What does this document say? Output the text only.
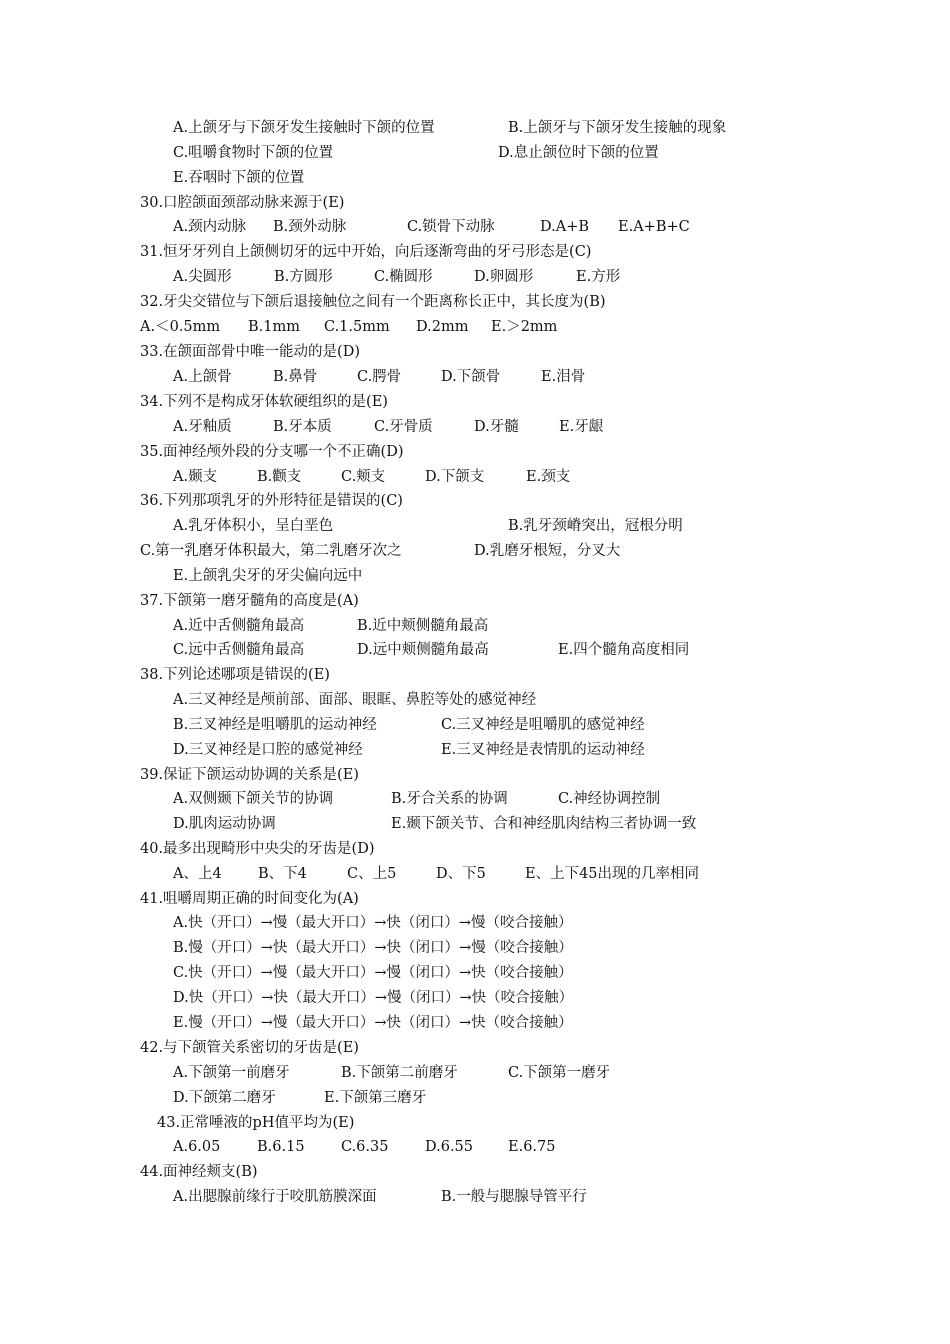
A.上颌牙与下颌牙发生接触时下颌的位置	B.上颌牙与下颌牙发生接触的现象
C.咀嚼食物时下颌的位置	D.息止颌位时下颌的位置
E.吞咽时下颌的位置
30.口腔颌面颈部动脉来源于(E)
A.颈内动脉 B.颈外动脉	C.锁骨下动脉	D.A+B E.A+B+C
31.恒牙牙列自上颌侧切牙的远中开始，向后逐渐弯曲的牙弓形态是(C)
A.尖圆形	B.方圆形	C.椭圆形	D.卵圆形	E.方形
32.牙尖交错位与下颌后退接触位之间有一个距离称长正中，其长度为(B)
A.＜0.5mm B.1mm C.1.5mm D.2mm E.＞2mm
33.在颌面部骨中唯一能动的是(D)
A.上颌骨	B.鼻骨	C.腭骨	D.下颌骨	E.泪骨
34.下列不是构成牙体软硬组织的是(E)
A.牙釉质	B.牙本质	C.牙骨质	D.牙髓	E.牙龈
35.面神经颅外段的分支哪一个不正确(D)
A.颞支	B.颧支	C.颊支	D.下颌支	E.颈支
36.下列那项乳牙的外形特征是错误的(C)
A.乳牙体积小，呈白垩色	B.乳牙颈嵴突出，冠根分明
C.第一乳磨牙体积最大，第二乳磨牙次之	D.乳磨牙根短，分叉大
E.上颌乳尖牙的牙尖偏向远中
37.下颌第一磨牙髓角的高度是(A)
A.近中舌侧髓角最高	B.近中颊侧髓角最高
C.远中舌侧髓角最高	D.远中颊侧髓角最高	E.四个髓角高度相同
38.下列论述哪项是错误的(E)
A.三叉神经是颅前部、面部、眼眶、鼻腔等处的感觉神经
B.三叉神经是咀嚼肌的运动神经	C.三叉神经是咀嚼肌的感觉神经
D.三叉神经是口腔的感觉神经	E.三叉神经是表情肌的运动神经
39.保证下颌运动协调的关系是(E)
A.双侧颞下颌关节的协调	B.牙合关系的协调	C.神经协调控制
D.肌肉运动协调	E.颞下颌关节、合和神经肌肉结构三者协调一致
40.最多出现畸形中央尖的牙齿是(D)
A、上4	B、下4	C、上5	D、下5	E、上下45出现的几率相同
41.咀嚼周期正确的时间变化为(A)
A.快（开口）→慢（最大开口）→快（闭口）→慢（咬合接触）
B.慢（开口）→快（最大开口）→快（闭口）→慢（咬合接触）
C.快（开口）→慢（最大开口）→慢（闭口）→快（咬合接触）
D.快（开口）→快（最大开口）→慢（闭口）→快（咬合接触）
E.慢（开口）→慢（最大开口）→快（闭口）→快（咬合接触）
42.与下颌管关系密切的牙齿是(E)
A.下颌第一前磨牙	B.下颌第二前磨牙	C.下颌第一磨牙
D.下颌第二磨牙	E.下颌第三磨牙
43.正常唾液的pH值平均为(E)
A.6.05	B.6.15	C.6.35	D.6.55 E.6.75
44.面神经颊支(B)
A.出腮腺前缘行于咬肌筋膜深面	B.一般与腮腺导管平行
